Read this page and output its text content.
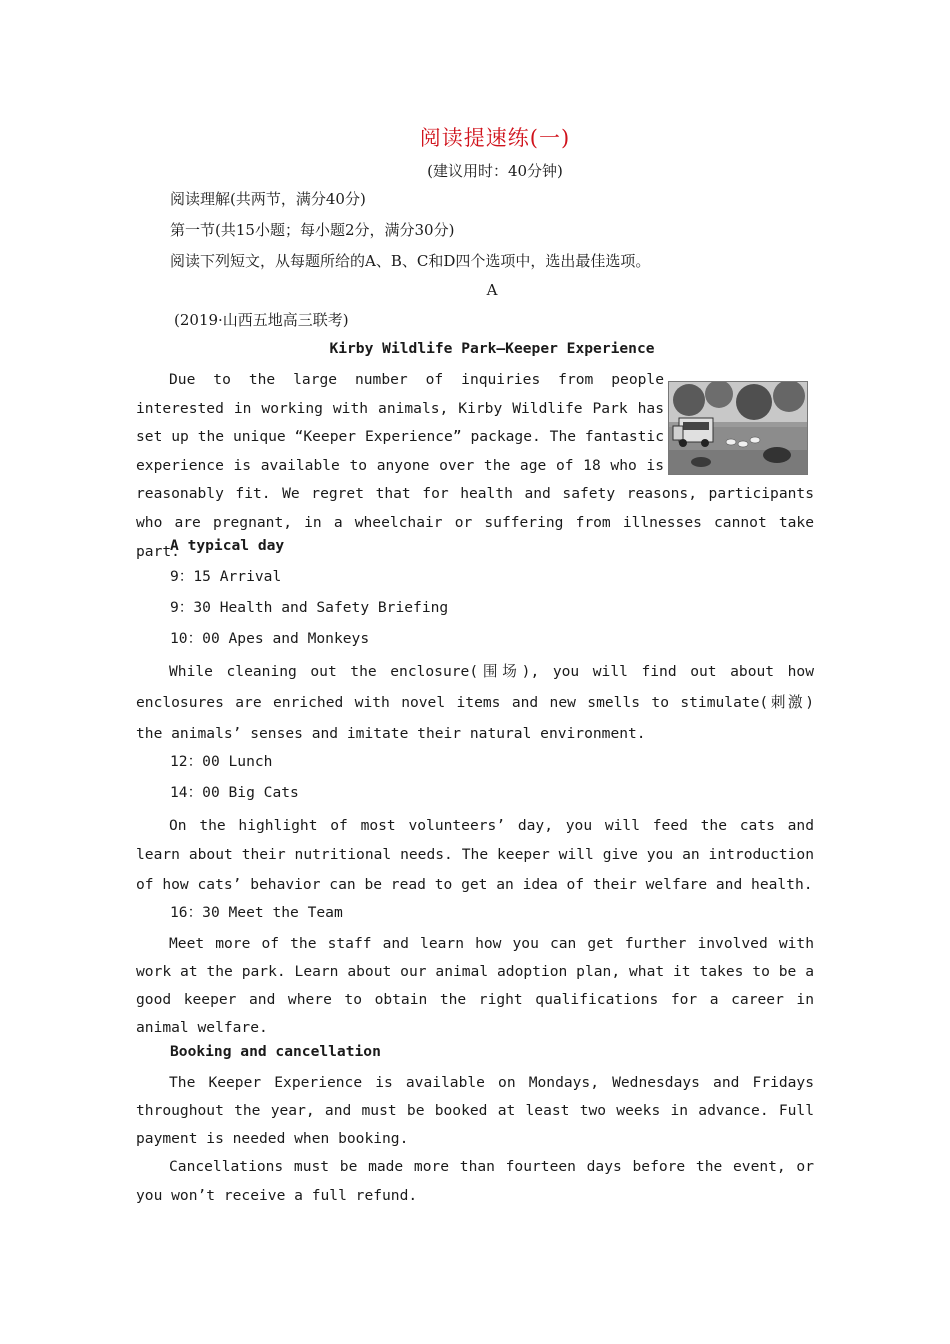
阅读提速练(一)
(建议用时：40分钟)
阅读理解(共两节，满分40分)
第一节(共15小题；每小题2分，满分30分)
阅读下列短文，从每题所给的A、B、C和D四个选项中，选出最佳选项。
A
(2019·山西五地高三联考)
Kirby Wildlife Park—Keeper Experience

Due to the large number of inquiries from people interested in working with animals, Kirby Wildlife Park has set up the unique “Keeper Experience” package. The fantastic experience is available to anyone over the age of 18 who is reasonably fit. We regret that for health and safety reasons, participants who are pregnant, in a wheelchair or suffering from illnesses cannot take part.

A typical day
9：15 Arrival
9：30 Health and Safety Briefing
10：00 Apes and Monkeys

While cleaning out the enclosure(围场), you will find out about how enclosures are enriched with novel items and new smells to stimulate(刺激) the animals’ senses and imitate their natural environment.

12：00 Lunch
14：00 Big Cats

On the highlight of most volunteers’ day, you will feed the cats and learn about their nutritional needs. The keeper will give you an introduction of how cats’ behavior can be read to get an idea of their welfare and health.

16：30 Meet the Team

Meet more of the staff and learn how you can get further involved with work at the park. Learn about our animal adoption plan, what it takes to be a good keeper and where to obtain the right qualifications for a career in animal welfare.

Booking and cancellation

The Keeper Experience is available on Mondays, Wednesdays and Fridays throughout the year, and must be booked at least two weeks in advance. Full payment is needed when booking.

Cancellations must be made more than fourteen days before the event, or you won’t receive a full refund.
